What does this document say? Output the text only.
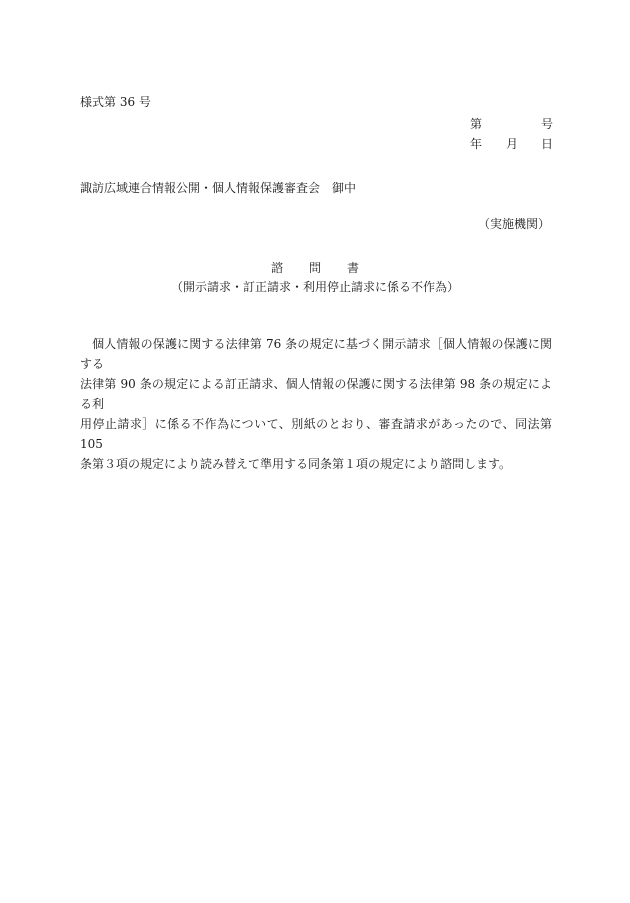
様式第 36 号
第	号
年 月 日
諏訪広域連合情報公開・個人情報保護審査会　御中
（実施機関）
諮 問 書
（開示請求・訂正請求・利用停止請求に係る不作為）

　個人情報の保護に関する法律第 76 条の規定に基づく開示請求［個人情報の保護に関する

法律第 90 条の規定による訂正請求、個人情報の保護に関する法律第 98 条の規定による利

用停止請求］に係る不作為について、別紙のとおり、審査請求があったので、同法第 105

条第３項の規定により読み替えて準用する同条第１項の規定により諮問します。
